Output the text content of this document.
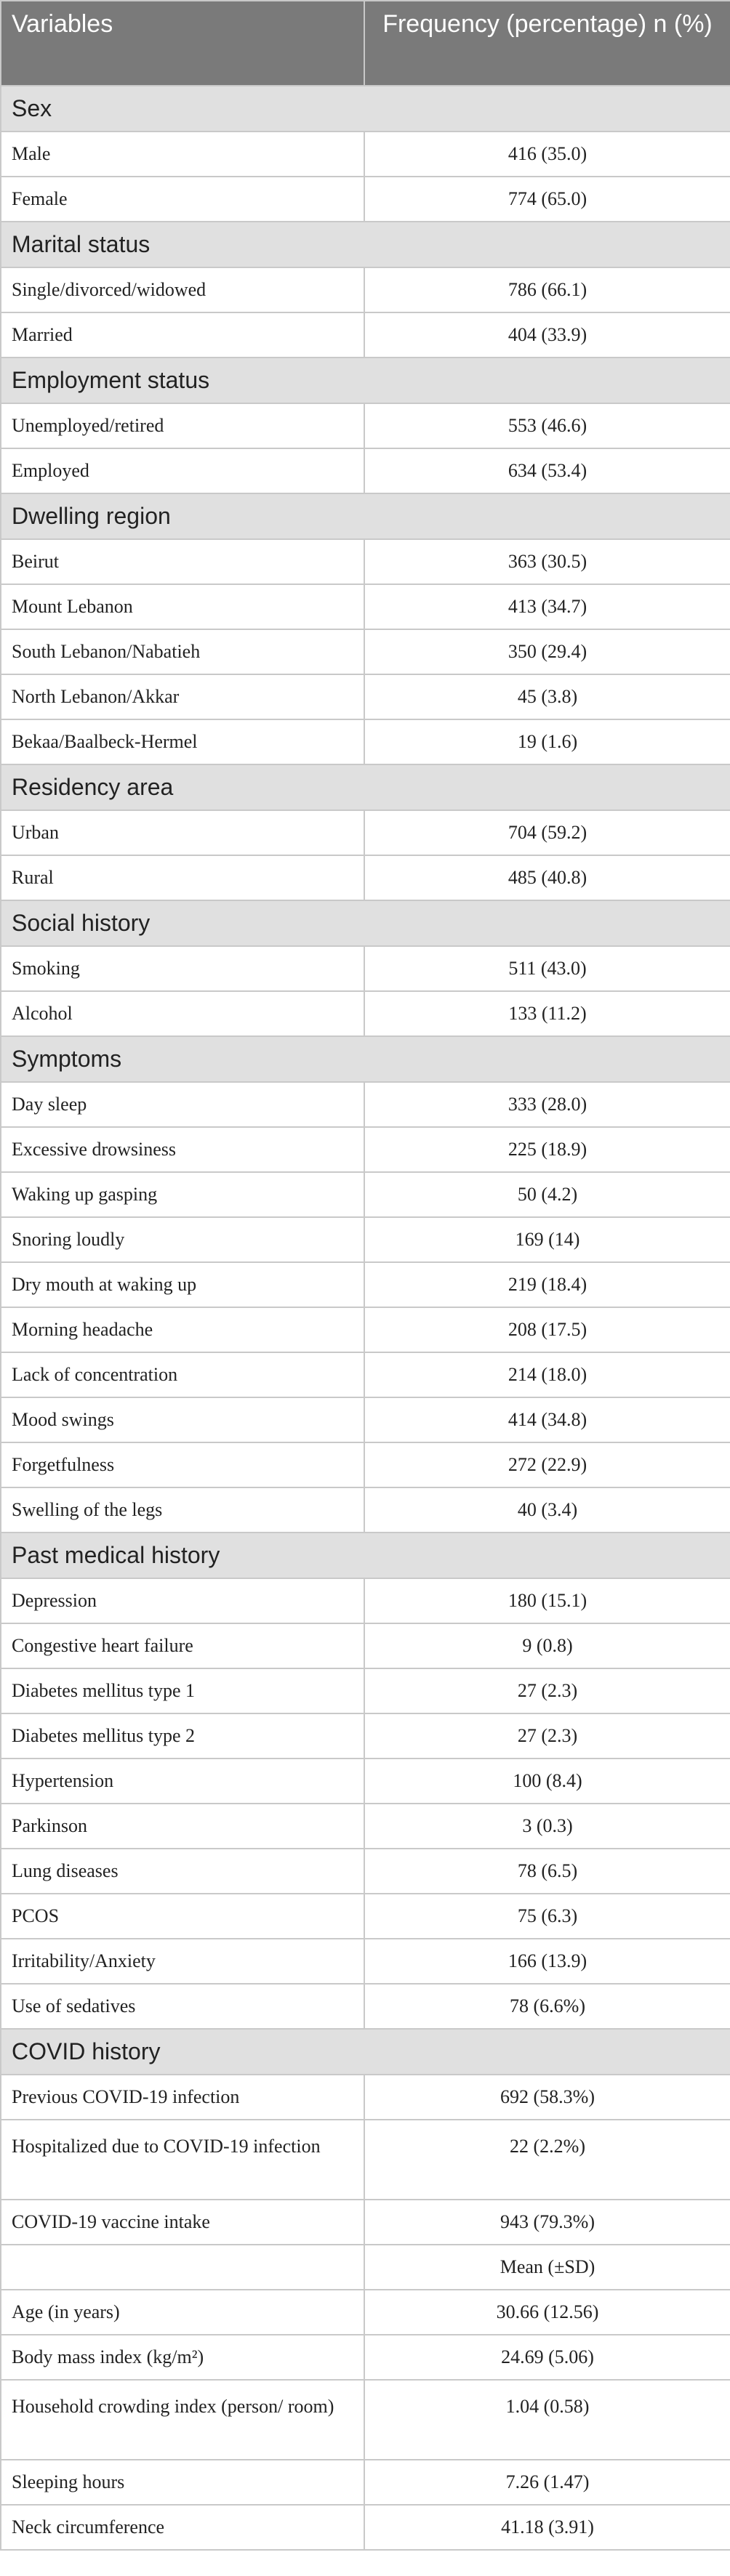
Variables	Frequency (percentage) n (%)
Sex	
Male	416 (35.0)
Female	774 (65.0)
Marital status	
Single/divorced/widowed	786 (66.1)
Married	404 (33.9)
Employment status	
Unemployed/retired	553 (46.6)
Employed	634 (53.4)
Dwelling region	
Beirut	363 (30.5)
Mount Lebanon	413 (34.7)
South Lebanon/Nabatieh	350 (29.4)
North Lebanon/Akkar	45 (3.8)
Bekaa/Baalbeck-Hermel	19 (1.6)
Residency area	
Urban	704 (59.2)
Rural	485 (40.8)
Social history	
Smoking	511 (43.0)
Alcohol	133 (11.2)
Symptoms	
Day sleep	333 (28.0)
Excessive drowsiness	225 (18.9)
Waking up gasping	50 (4.2)
Snoring loudly	169 (14)
Dry mouth at waking up	219 (18.4)
Morning headache	208 (17.5)
Lack of concentration	214 (18.0)
Mood swings	414 (34.8)
Forgetfulness	272 (22.9)
Swelling of the legs	40 (3.4)
Past medical history	
Depression	180 (15.1)
Congestive heart failure	9 (0.8)
Diabetes mellitus type 1	27 (2.3)
Diabetes mellitus type 2	27 (2.3)
Hypertension	100 (8.4)
Parkinson	3 (0.3)
Lung diseases	78 (6.5)
PCOS	75 (6.3)
Irritability/Anxiety	166 (13.9)
Use of sedatives	78 (6.6%)
COVID history	
Previous COVID-19 infection	692 (58.3%)
Hospitalized due to COVID-19 infection	22 (2.2%)
COVID-19 vaccine intake	943 (79.3%)
	Mean (±SD)
Age (in years)	30.66 (12.56)
Body mass index (kg/m²)	24.69 (5.06)
Household crowding index (person/ room)	1.04 (0.58)
Sleeping hours	7.26 (1.47)
Neck circumference	41.18 (3.91)
